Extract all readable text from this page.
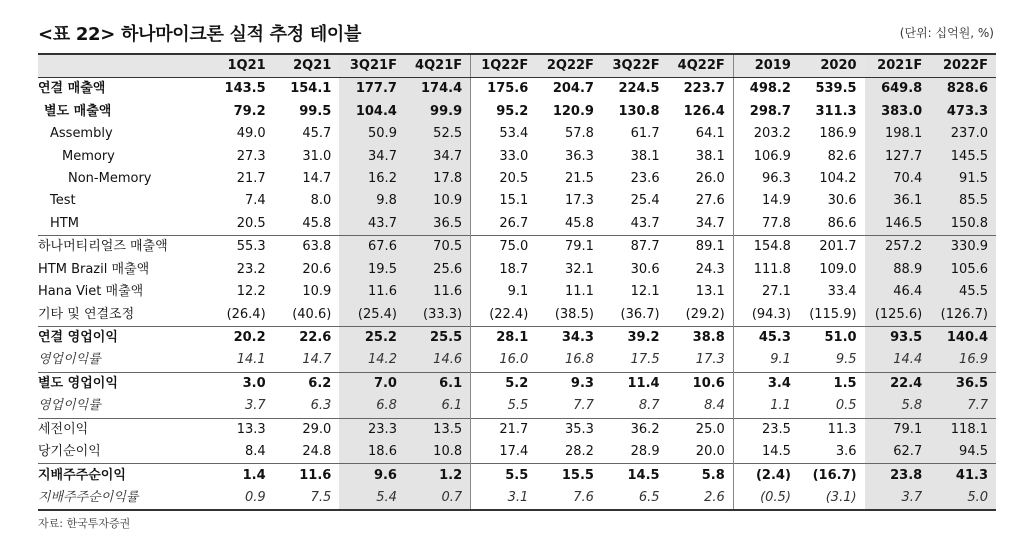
<표 22> 하나마이크론 실적 추정 테이블	(단위: 십억원, %)
	1Q21	2Q21	3Q21F	4Q21F	1Q22F	2Q22F	3Q22F	4Q22F	2019	2020	2021F	2022F
연결 매출액	143.5	154.1	177.7	174.4	175.6	204.7	224.5	223.7	498.2	539.5	649.8	828.6
별도 매출액	79.2	99.5	104.4	99.9	95.2	120.9	130.8	126.4	298.7	311.3	383.0	473.3
Assembly	49.0	45.7	50.9	52.5	53.4	57.8	61.7	64.1	203.2	186.9	198.1	237.0
Memory	27.3	31.0	34.7	34.7	33.0	36.3	38.1	38.1	106.9	82.6	127.7	145.5
Non-Memory	21.7	14.7	16.2	17.8	20.5	21.5	23.6	26.0	96.3	104.2	70.4	91.5
Test	7.4	8.0	9.8	10.9	15.1	17.3	25.4	27.6	14.9	30.6	36.1	85.5
HTM	20.5	45.8	43.7	36.5	26.7	45.8	43.7	34.7	77.8	86.6	146.5	150.8
하나머티리얼즈 매출액	55.3	63.8	67.6	70.5	75.0	79.1	87.7	89.1	154.8	201.7	257.2	330.9
HTM Brazil 매출액	23.2	20.6	19.5	25.6	18.7	32.1	30.6	24.3	111.8	109.0	88.9	105.6
Hana Viet 매출액	12.2	10.9	11.6	11.6	9.1	11.1	12.1	13.1	27.1	33.4	46.4	45.5
기타 및 연결조정	(26.4)	(40.6)	(25.4)	(33.3)	(22.4)	(38.5)	(36.7)	(29.2)	(94.3)	(115.9)	(125.6)	(126.7)
연결 영업이익	20.2	22.6	25.2	25.5	28.1	34.3	39.2	38.8	45.3	51.0	93.5	140.4
영업이익률	14.1	14.7	14.2	14.6	16.0	16.8	17.5	17.3	9.1	9.5	14.4	16.9
별도 영업이익	3.0	6.2	7.0	6.1	5.2	9.3	11.4	10.6	3.4	1.5	22.4	36.5
영업이익률	3.7	6.3	6.8	6.1	5.5	7.7	8.7	8.4	1.1	0.5	5.8	7.7
세전이익	13.3	29.0	23.3	13.5	21.7	35.3	36.2	25.0	23.5	11.3	79.1	118.1
당기순이익	8.4	24.8	18.6	10.8	17.4	28.2	28.9	20.0	14.5	3.6	62.7	94.5
지배주주순이익	1.4	11.6	9.6	1.2	5.5	15.5	14.5	5.8	(2.4)	(16.7)	23.8	41.3
지배주주순이익률	0.9	7.5	5.4	0.7	3.1	7.6	6.5	2.6	(0.5)	(3.1)	3.7	5.0
자료: 한국투자증권
